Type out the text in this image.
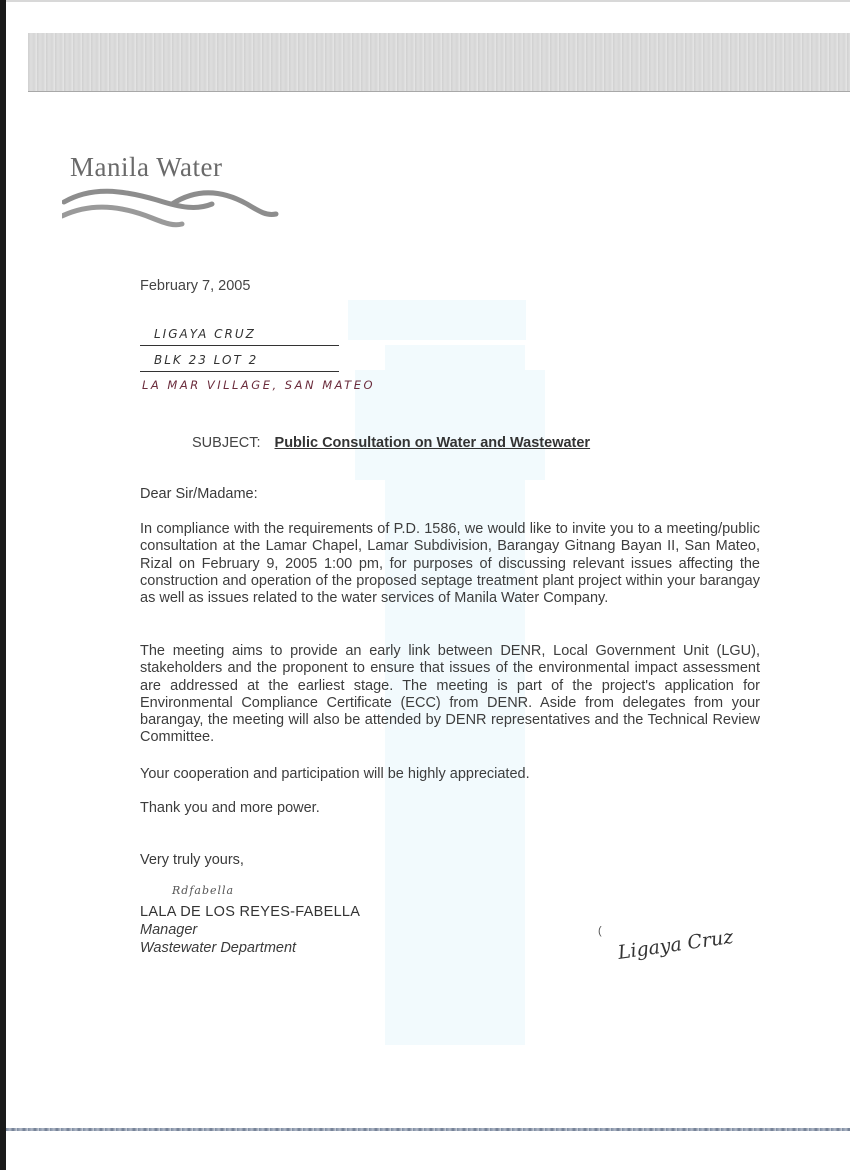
Manila Water
February 7, 2005
LIGAYA CRUZ
BLK 23 LOT 2
LA MAR VILLAGE, SAN MATEO
SUBJECT: Public Consultation on Water and Wastewater
Dear Sir/Madame:
In compliance with the requirements of P.D. 1586, we would like to invite you to a meeting/public consultation at the Lamar Chapel, Lamar Subdivision, Barangay Gitnang Bayan II, San Mateo, Rizal on February 9, 2005 1:00 pm, for purposes of discussing relevant issues affecting the construction and operation of the proposed septage treatment plant project within your barangay as well as issues related to the water services of Manila Water Company.
The meeting aims to provide an early link between DENR, Local Government Unit (LGU), stakeholders and the proponent to ensure that issues of the environmental impact assessment are addressed at the earliest stage. The meeting is part of the project's application for Environmental Compliance Certificate (ECC) from DENR. Aside from delegates from your barangay, the meeting will also be attended by DENR representatives and the Technical Review Committee.
Your cooperation and participation will be highly appreciated.
Thank you and more power.
Very truly yours,
Rdfabella
LALA DE LOS REYES-FABELLA
Manager
Wastewater Department
( Ligaya Cruz
